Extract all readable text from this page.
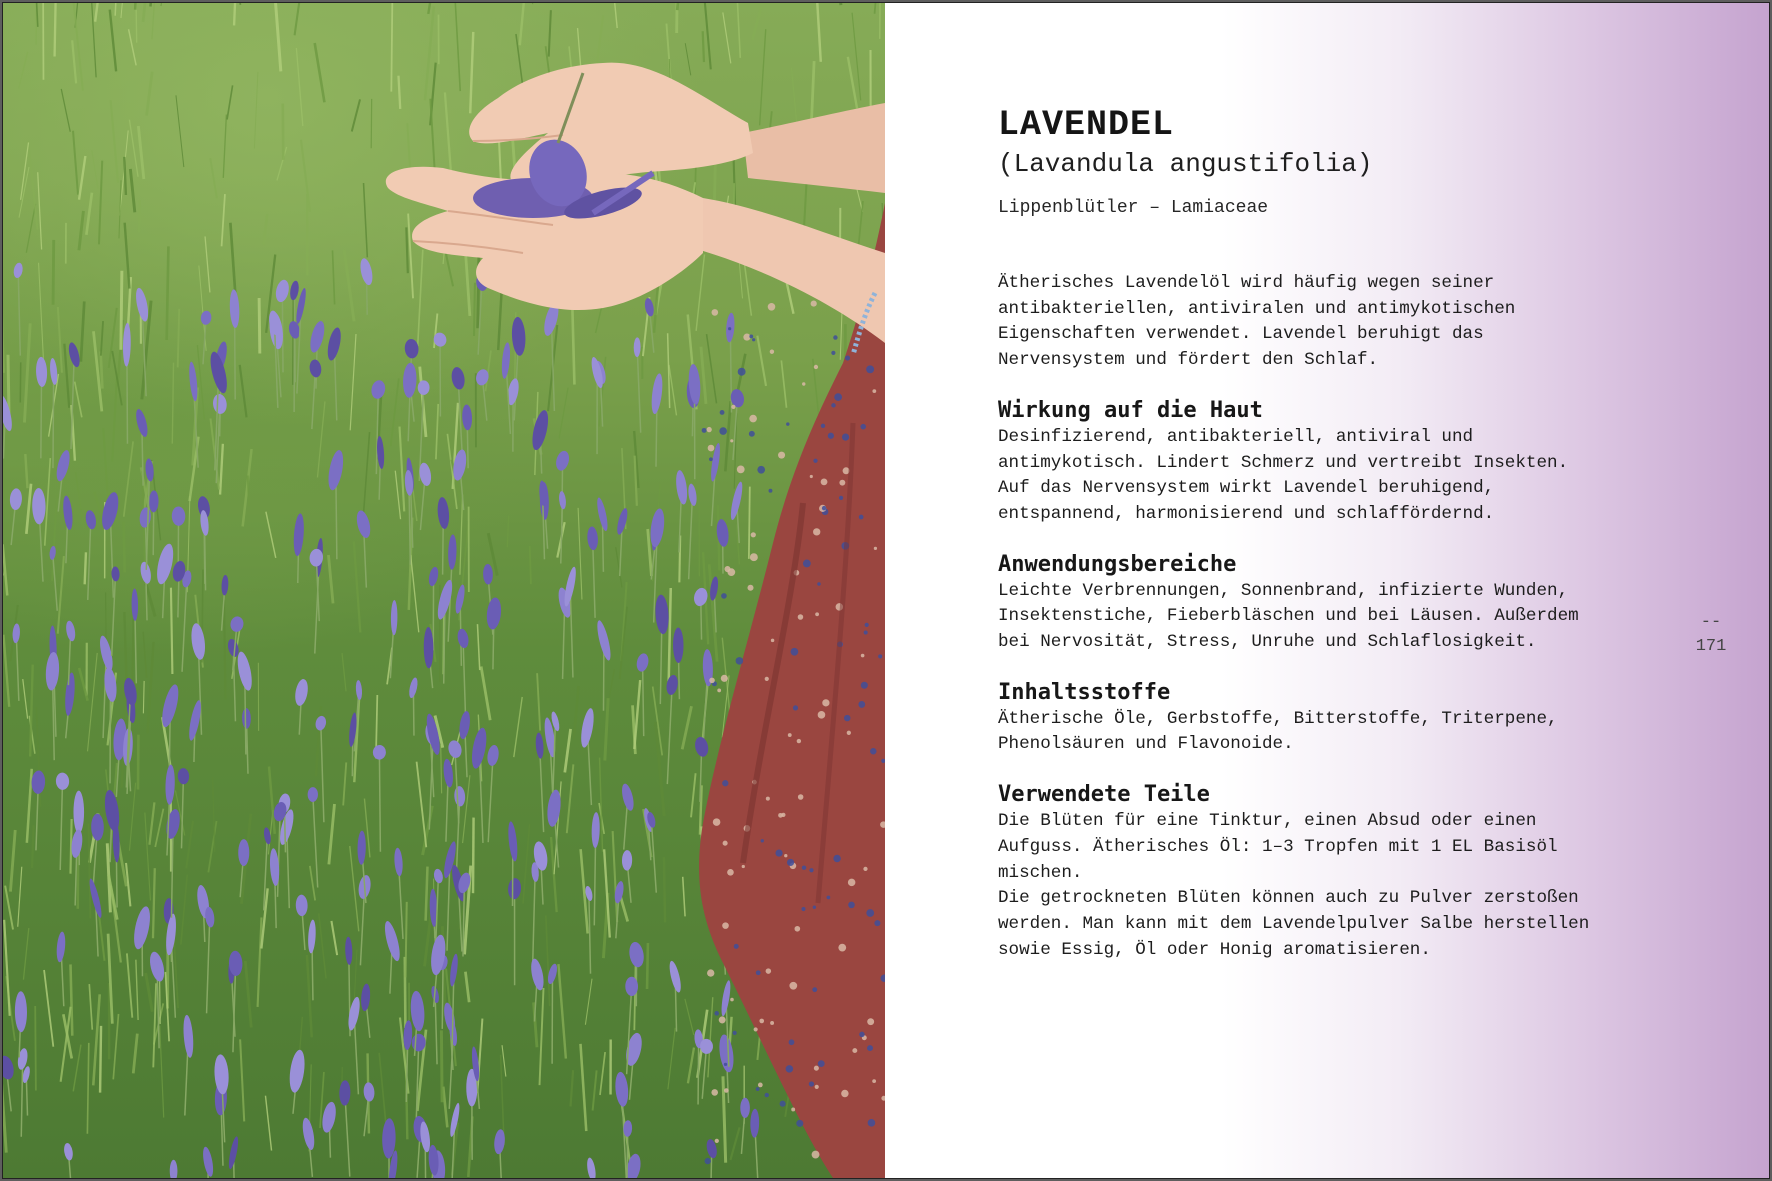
LAVENDEL

(Lavandula angustifolia)

Lippenblütler – Lamiaceae

Ätherisches Lavendelöl wird häufig wegen seiner
antibakteriellen, antiviralen und antimykotischen
Eigenschaften verwendet. Lavendel beruhigt das
Nervensystem und fördert den Schlaf.

Wirkung auf die Haut

Desinfizierend, antibakteriell, antiviral und
antimykotisch. Lindert Schmerz und vertreibt Insekten.
Auf das Nervensystem wirkt Lavendel beruhigend,
entspannend, harmonisierend und schlaffördernd.

Anwendungsbereiche

Leichte Verbrennungen, Sonnenbrand, infizierte Wunden,
Insektenstiche, Fieberbläschen und bei Läusen. Außerdem
bei Nervosität, Stress, Unruhe und Schlaflosigkeit.

Inhaltsstoffe

Ätherische Öle, Gerbstoffe, Bitterstoffe, Triterpene,
Phenolsäuren und Flavonoide.

Verwendete Teile

Die Blüten für eine Tinktur, einen Absud oder einen
Aufguss. Ätherisches Öl: 1–3 Tropfen mit 1 EL Basisöl
mischen.
Die getrockneten Blüten können auch zu Pulver zerstoßen
werden. Man kann mit dem Lavendelpulver Salbe herstellen
sowie Essig, Öl oder Honig aromatisieren.

--
171
